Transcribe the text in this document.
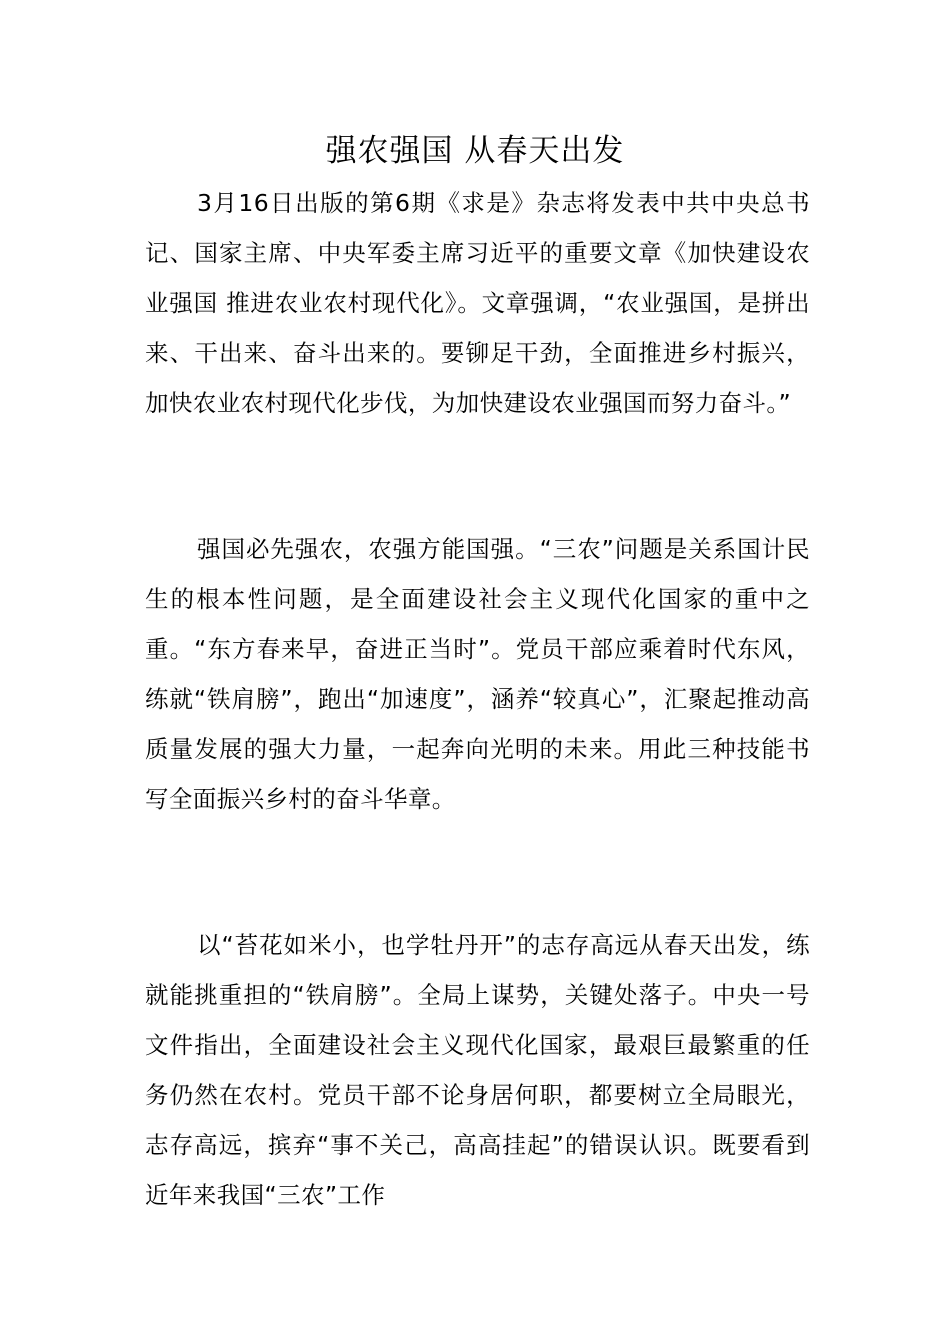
强农强国 从春天出发

3月16日出版的第6期《求是》杂志将发表中共中央总书记、国家主席、中央军委主席习近平的重要文章《加快建设农业强国 推进农业农村现代化》。文章强调，“农业强国，是拼出来、干出来、奋斗出来的。要铆足干劲，全面推进乡村振兴，加快农业农村现代化步伐，为加快建设农业强国而努力奋斗。”

强国必先强农，农强方能国强。“三农”问题是关系国计民生的根本性问题，是全面建设社会主义现代化国家的重中之重。“东方春来早，奋进正当时”。党员干部应乘着时代东风，练就“铁肩膀”，跑出“加速度”，涵养“较真心”，汇聚起推动高质量发展的强大力量，一起奔向光明的未来。用此三种技能书写全面振兴乡村的奋斗华章。

以“苔花如米小，也学牡丹开”的志存高远从春天出发，练就能挑重担的“铁肩膀”。全局上谋势，关键处落子。中央一号文件指出，全面建设社会主义现代化国家，最艰巨最繁重的任务仍然在农村。党员干部不论身居何职，都要树立全局眼光，志存高远，摈弃“事不关己，高高挂起”的错误认识。既要看到近年来我国“三农”工作
